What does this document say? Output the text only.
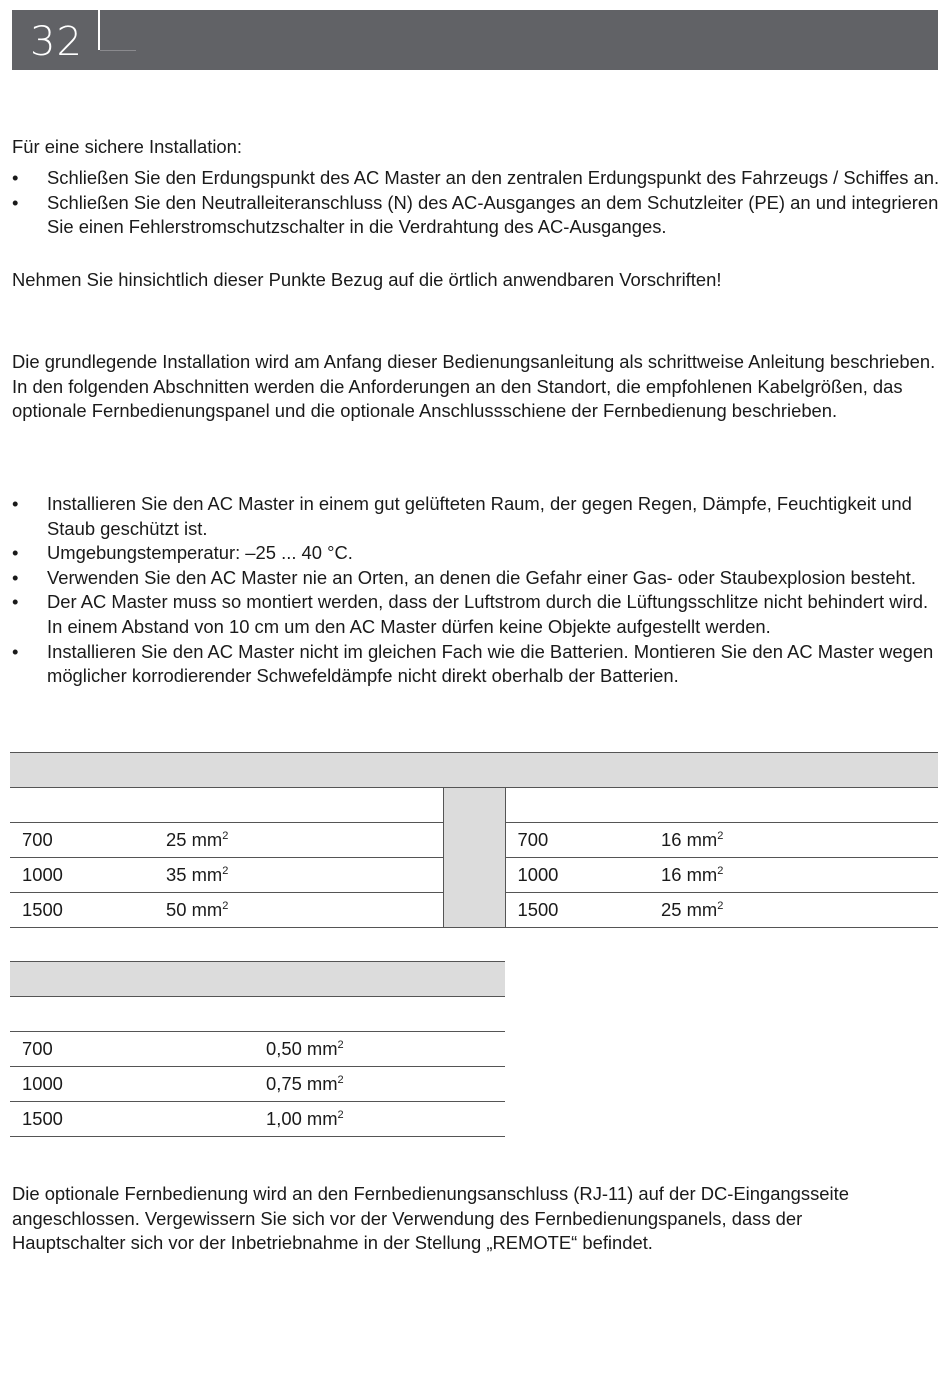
32

Für eine sichere Installation:

• Schließen Sie den Erdungspunkt des AC Master an den zentralen Erdungspunkt des Fahrzeugs / Schiffes an.
• Schließen Sie den Neutralleiteranschluss (N) des AC-Ausganges an dem Schutzleiter (PE) an und integrieren Sie einen Fehlerstromschutzschalter in die Verdrahtung des AC-Ausganges.

Nehmen Sie hinsichtlich dieser Punkte Bezug auf die örtlich anwendbaren Vorschriften!

Die grundlegende Installation wird am Anfang dieser Bedienungsanleitung als schrittweise Anleitung beschrieben. In den folgenden Abschnitten werden die Anforderungen an den Standort, die empfohlenen Kabelgrößen, das optionale Fernbedienungspanel und die optionale Anschlussschiene der Fernbedienung beschrieben.

• Installieren Sie den AC Master in einem gut gelüfteten Raum, der gegen Regen, Dämpfe, Feuchtigkeit und Staub geschützt ist.
• Umgebungstemperatur: –25 ... 40 °C.
• Verwenden Sie den AC Master nie an Orten, an denen die Gefahr einer Gas- oder Staubexplosion besteht.
• Der AC Master muss so montiert werden, dass der Luftstrom durch die Lüftungsschlitze nicht behindert wird. In einem Abstand von 10 cm um den AC Master dürfen keine Objekte aufgestellt werden.
• Installieren Sie den AC Master nicht im gleichen Fach wie die Batterien. Montieren Sie den AC Master wegen möglicher korrodierender Schwefeldämpfe nicht direkt oberhalb der Batterien.

700	25 $mm^2$		700	16 $mm^2$
1000	35 $mm^2$		1000	16 $mm^2$
1500	50 $mm^2$		1500	25 $mm^2$

700	0,50 $mm^2$
1000	0,75 $mm^2$
1500	1,00 $mm^2$

Die optionale Fernbedienung wird an den Fernbedienungsanschluss (RJ-11) auf der DC-Eingangsseite angeschlossen. Vergewissern Sie sich vor der Verwendung des Fernbedienungspanels, dass der Hauptschalter sich vor der Inbetriebnahme in der Stellung „REMOTE“ befindet.
